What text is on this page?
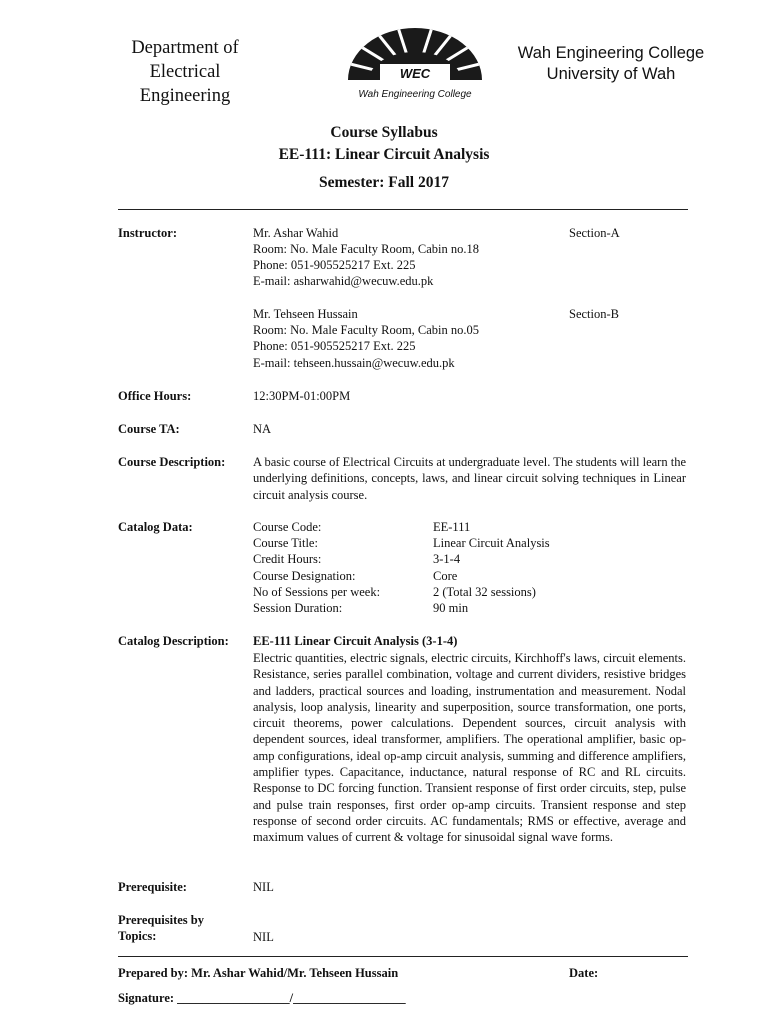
Department of Electrical
Engineering
WEC
Wah Engineering College
Wah Engineering College
University of Wah
Course Syllabus
EE-111: Linear Circuit Analysis
Semester: Fall 2017
Instructor:	Mr. Ashar Wahid	Section-A
Room: No. Male Faculty Room, Cabin no.18
Phone: 051-905525217 Ext. 225
E-mail: asharwahid@wecuw.edu.pk
Mr. Tehseen Hussain	Section-B
Room: No. Male Faculty Room, Cabin no.05
Phone: 051-905525217 Ext. 225
E-mail: tehseen.hussain@wecuw.edu.pk
Office Hours:	12:30PM-01:00PM
Course TA:	NA
Course Description: A basic course of Electrical Circuits at undergraduate level. The students will learn the underlying definitions, concepts, laws, and linear circuit solving techniques in Linear circuit analysis course.
Catalog Data:	Course Code:	EE-111
Course Title:	Linear Circuit Analysis
Credit Hours:	3-1-4
Course Designation:	Core
No of Sessions per week:	2 (Total 32 sessions)
Session Duration:	90 min
Catalog Description: EE-111 Linear Circuit Analysis (3-1-4)
Electric quantities, electric signals, electric circuits, Kirchhoff's laws, circuit elements. Resistance, series parallel combination, voltage and current dividers, resistive bridges and ladders, practical sources and loading, instrumentation and measurement. Nodal analysis, loop analysis, linearity and superposition, source transformation, one ports, circuit theorems, power calculations. Dependent sources, circuit analysis with dependent sources, ideal transformer, amplifiers. The operational amplifier, basic op-amp configurations, ideal op-amp circuit analysis, summing and difference amplifiers, amplifier types. Capacitance, inductance, natural response of RC and RL circuits. Response to DC forcing function. Transient response of first order circuits, step, pulse and pulse train responses, first order op-amp circuits. Transient response and step response of second order circuits. AC fundamentals; RMS or effective, average and maximum values of current & voltage for sinusoidal signal wave forms.
Prerequisite:	NIL
Prerequisites by
Topics:	NIL
Prepared by: Mr. Ashar Wahid/Mr. Tehseen Hussain	Date:
Signature: __________________/__________________
